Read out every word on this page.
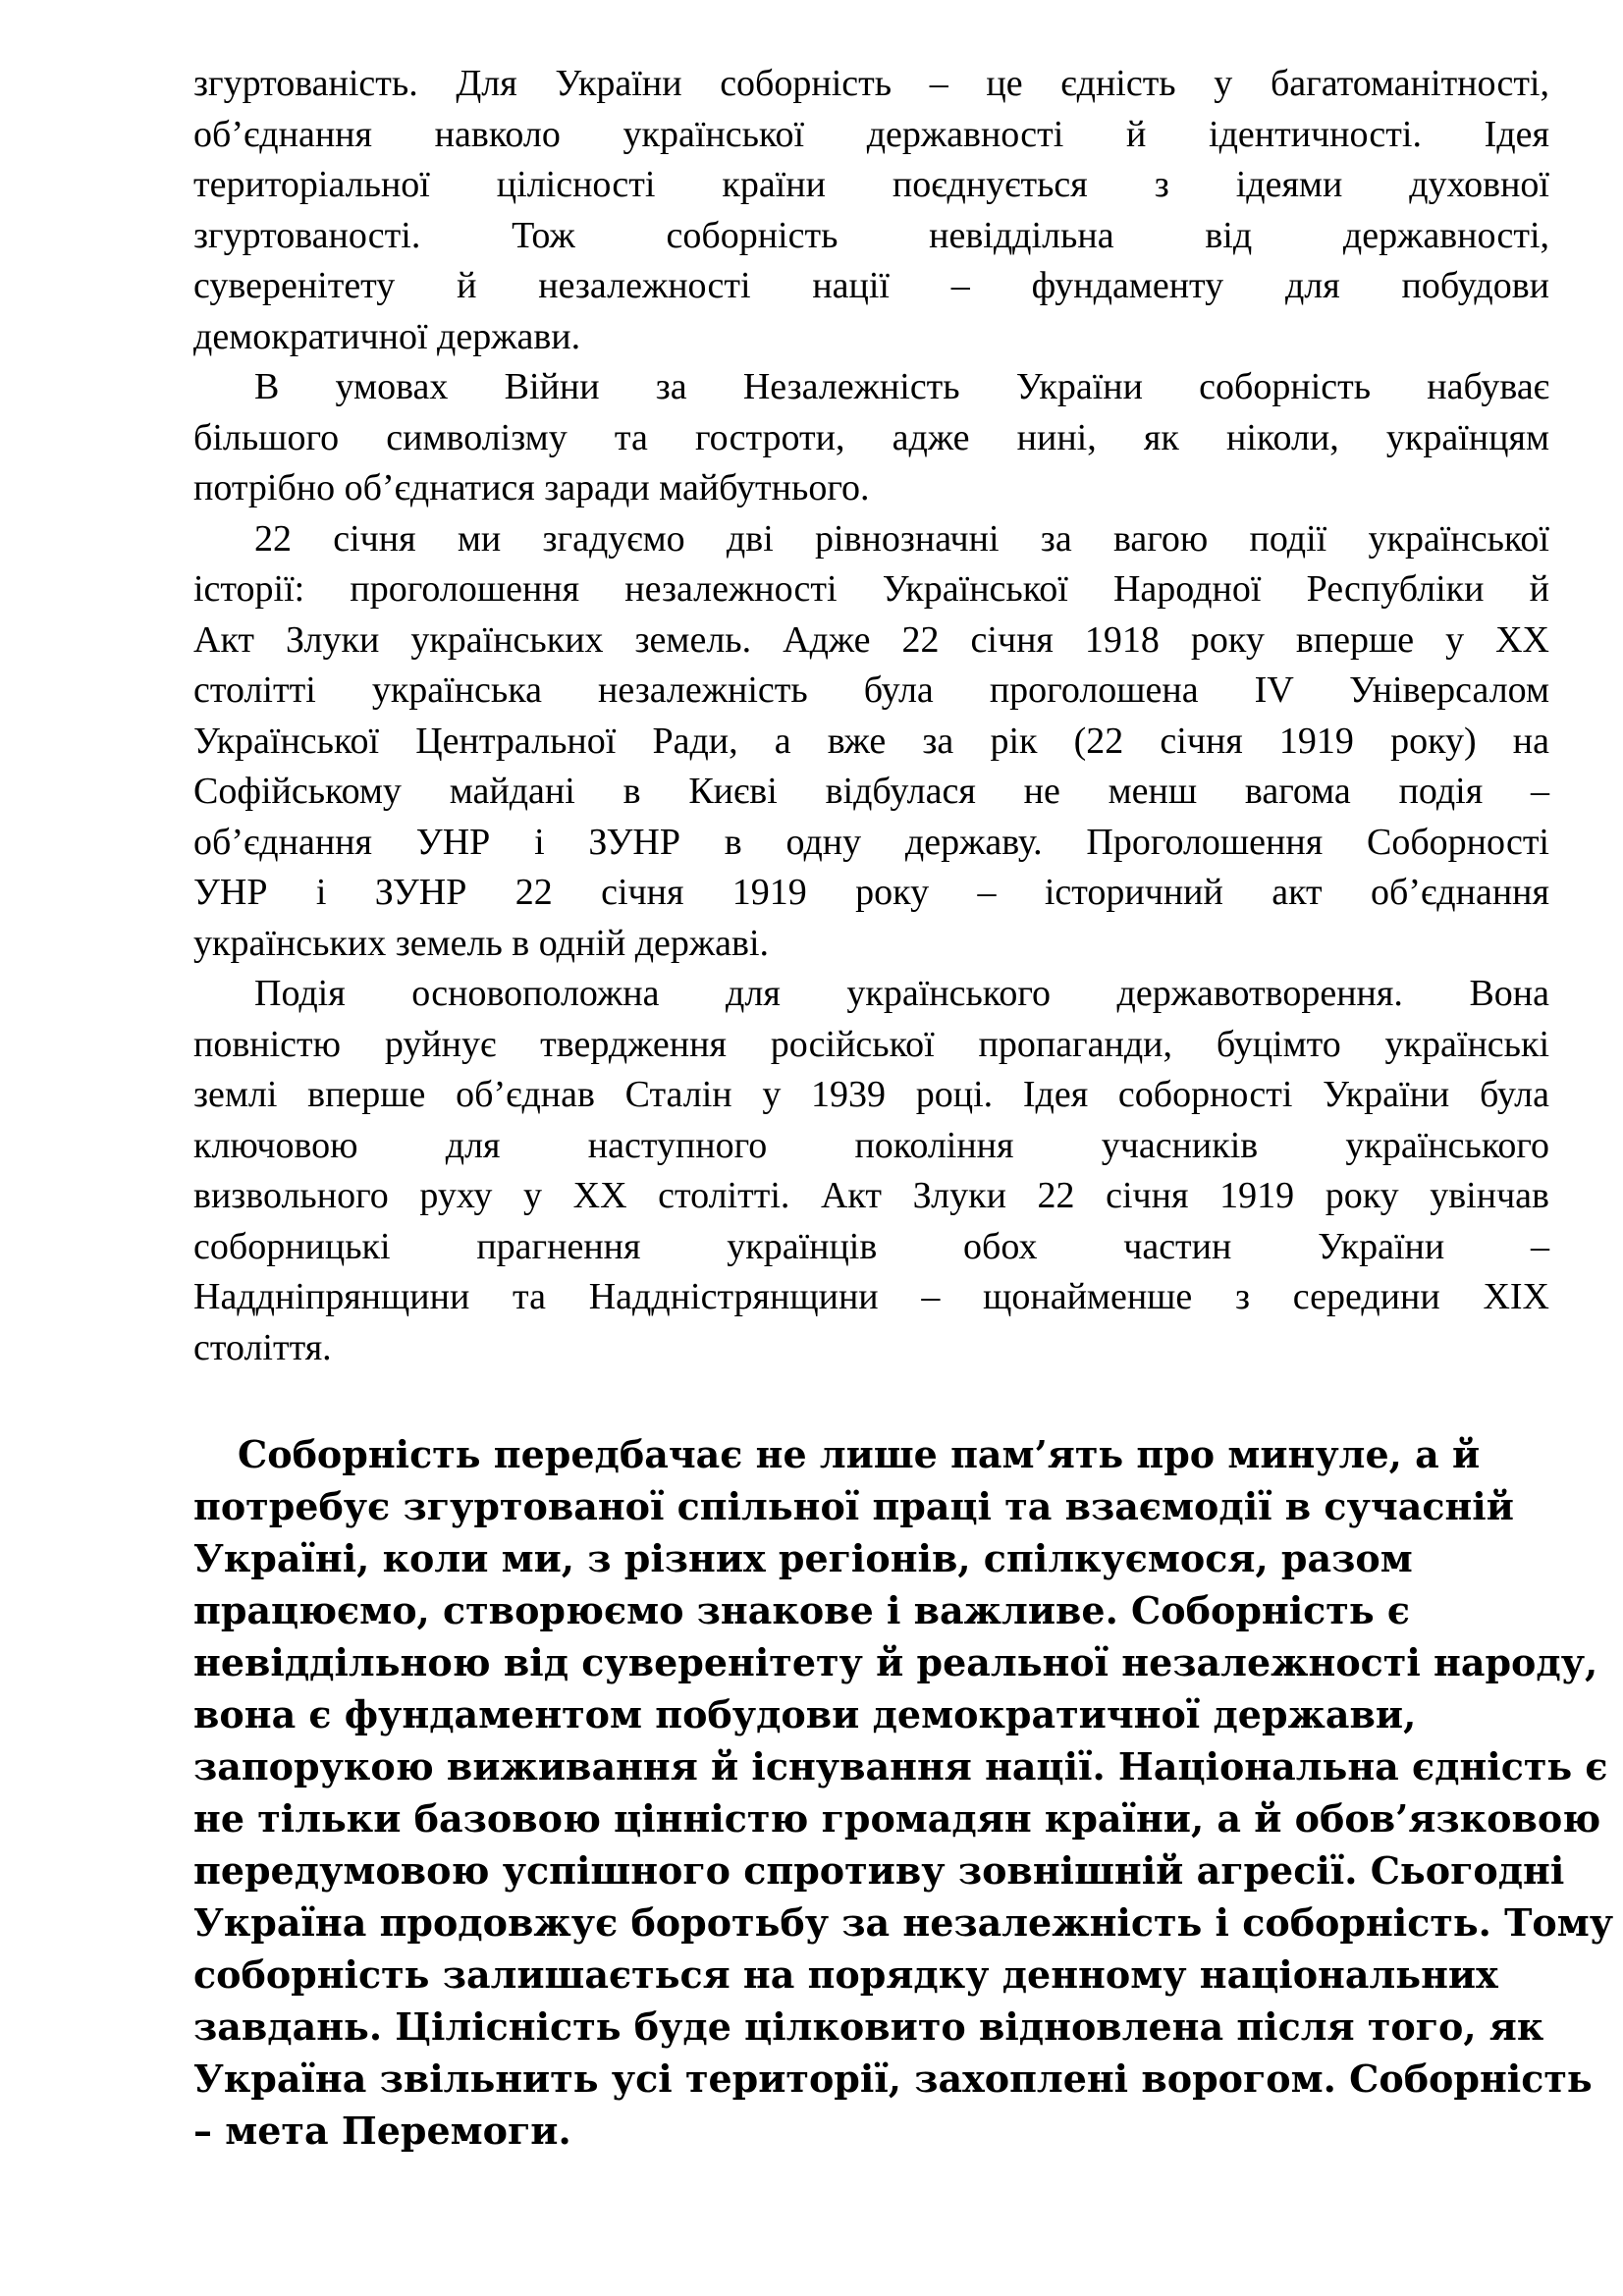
згуртованість. Для України соборність – це єдність у багатоманітності,
об’єднання навколо української державності й ідентичності. Ідея
територіальної цілісності країни поєднується з ідеями духовної
згуртованості. Тож соборність невіддільна від державності,
суверенітету й незалежності нації – фундаменту для побудови
демократичної держави.
В умовах Війни за Незалежність України соборність набуває
більшого символізму та гостроти, адже нині, як ніколи, українцям
потрібно об’єднатися заради майбутнього.
22 січня ми згадуємо дві рівнозначні за вагою події української
історії: проголошення незалежності Української Народної Республіки й
Акт Злуки українських земель. Адже 22 січня 1918 року вперше у XX
столітті українська незалежність була проголошена IV Універсалом
Української Центральної Ради, а вже за рік (22 січня 1919 року) на
Софійському майдані в Києві відбулася не менш вагома подія –
об’єднання УНР і ЗУНР в одну державу. Проголошення Соборності
УНР і ЗУНР 22 січня 1919 року – історичний акт об’єднання
українських земель в одній державі.
Подія основоположна для українського державотворення. Вона
повністю руйнує твердження російської пропаганди, буцімто українські
землі вперше об’єднав Сталін у 1939 році. Ідея соборності України була
ключовою для наступного покоління учасників українського
визвольного руху у XX столітті. Акт Злуки 22 січня 1919 року увінчав
соборницькі прагнення українців обох частин України –
Наддніпрянщини та Наддністрянщини – щонайменше з середини XIX
століття.
Соборність передбачає не лише пам’ять про минуле, а й
потребує згуртованої спільної праці та взаємодії в сучасній
Україні, коли ми, з різних регіонів, спілкуємося, разом
працюємо, створюємо знакове і важливе. Соборність є
невіддільною від суверенітету й реальної незалежності народу,
вона є фундаментом побудови демократичної держави,
запорукою виживання й існування нації. Національна єдність є
не тільки базовою цінністю громадян країни, а й обов’язковою
передумовою успішного спротиву зовнішній агресії. Сьогодні
Україна продовжує боротьбу за незалежність і соборність. Тому
соборність залишається на порядку денному національних
завдань. Цілісність буде цілковито відновлена після того, як
Україна звільнить усі території, захоплені ворогом. Соборність
– мета Перемоги.
